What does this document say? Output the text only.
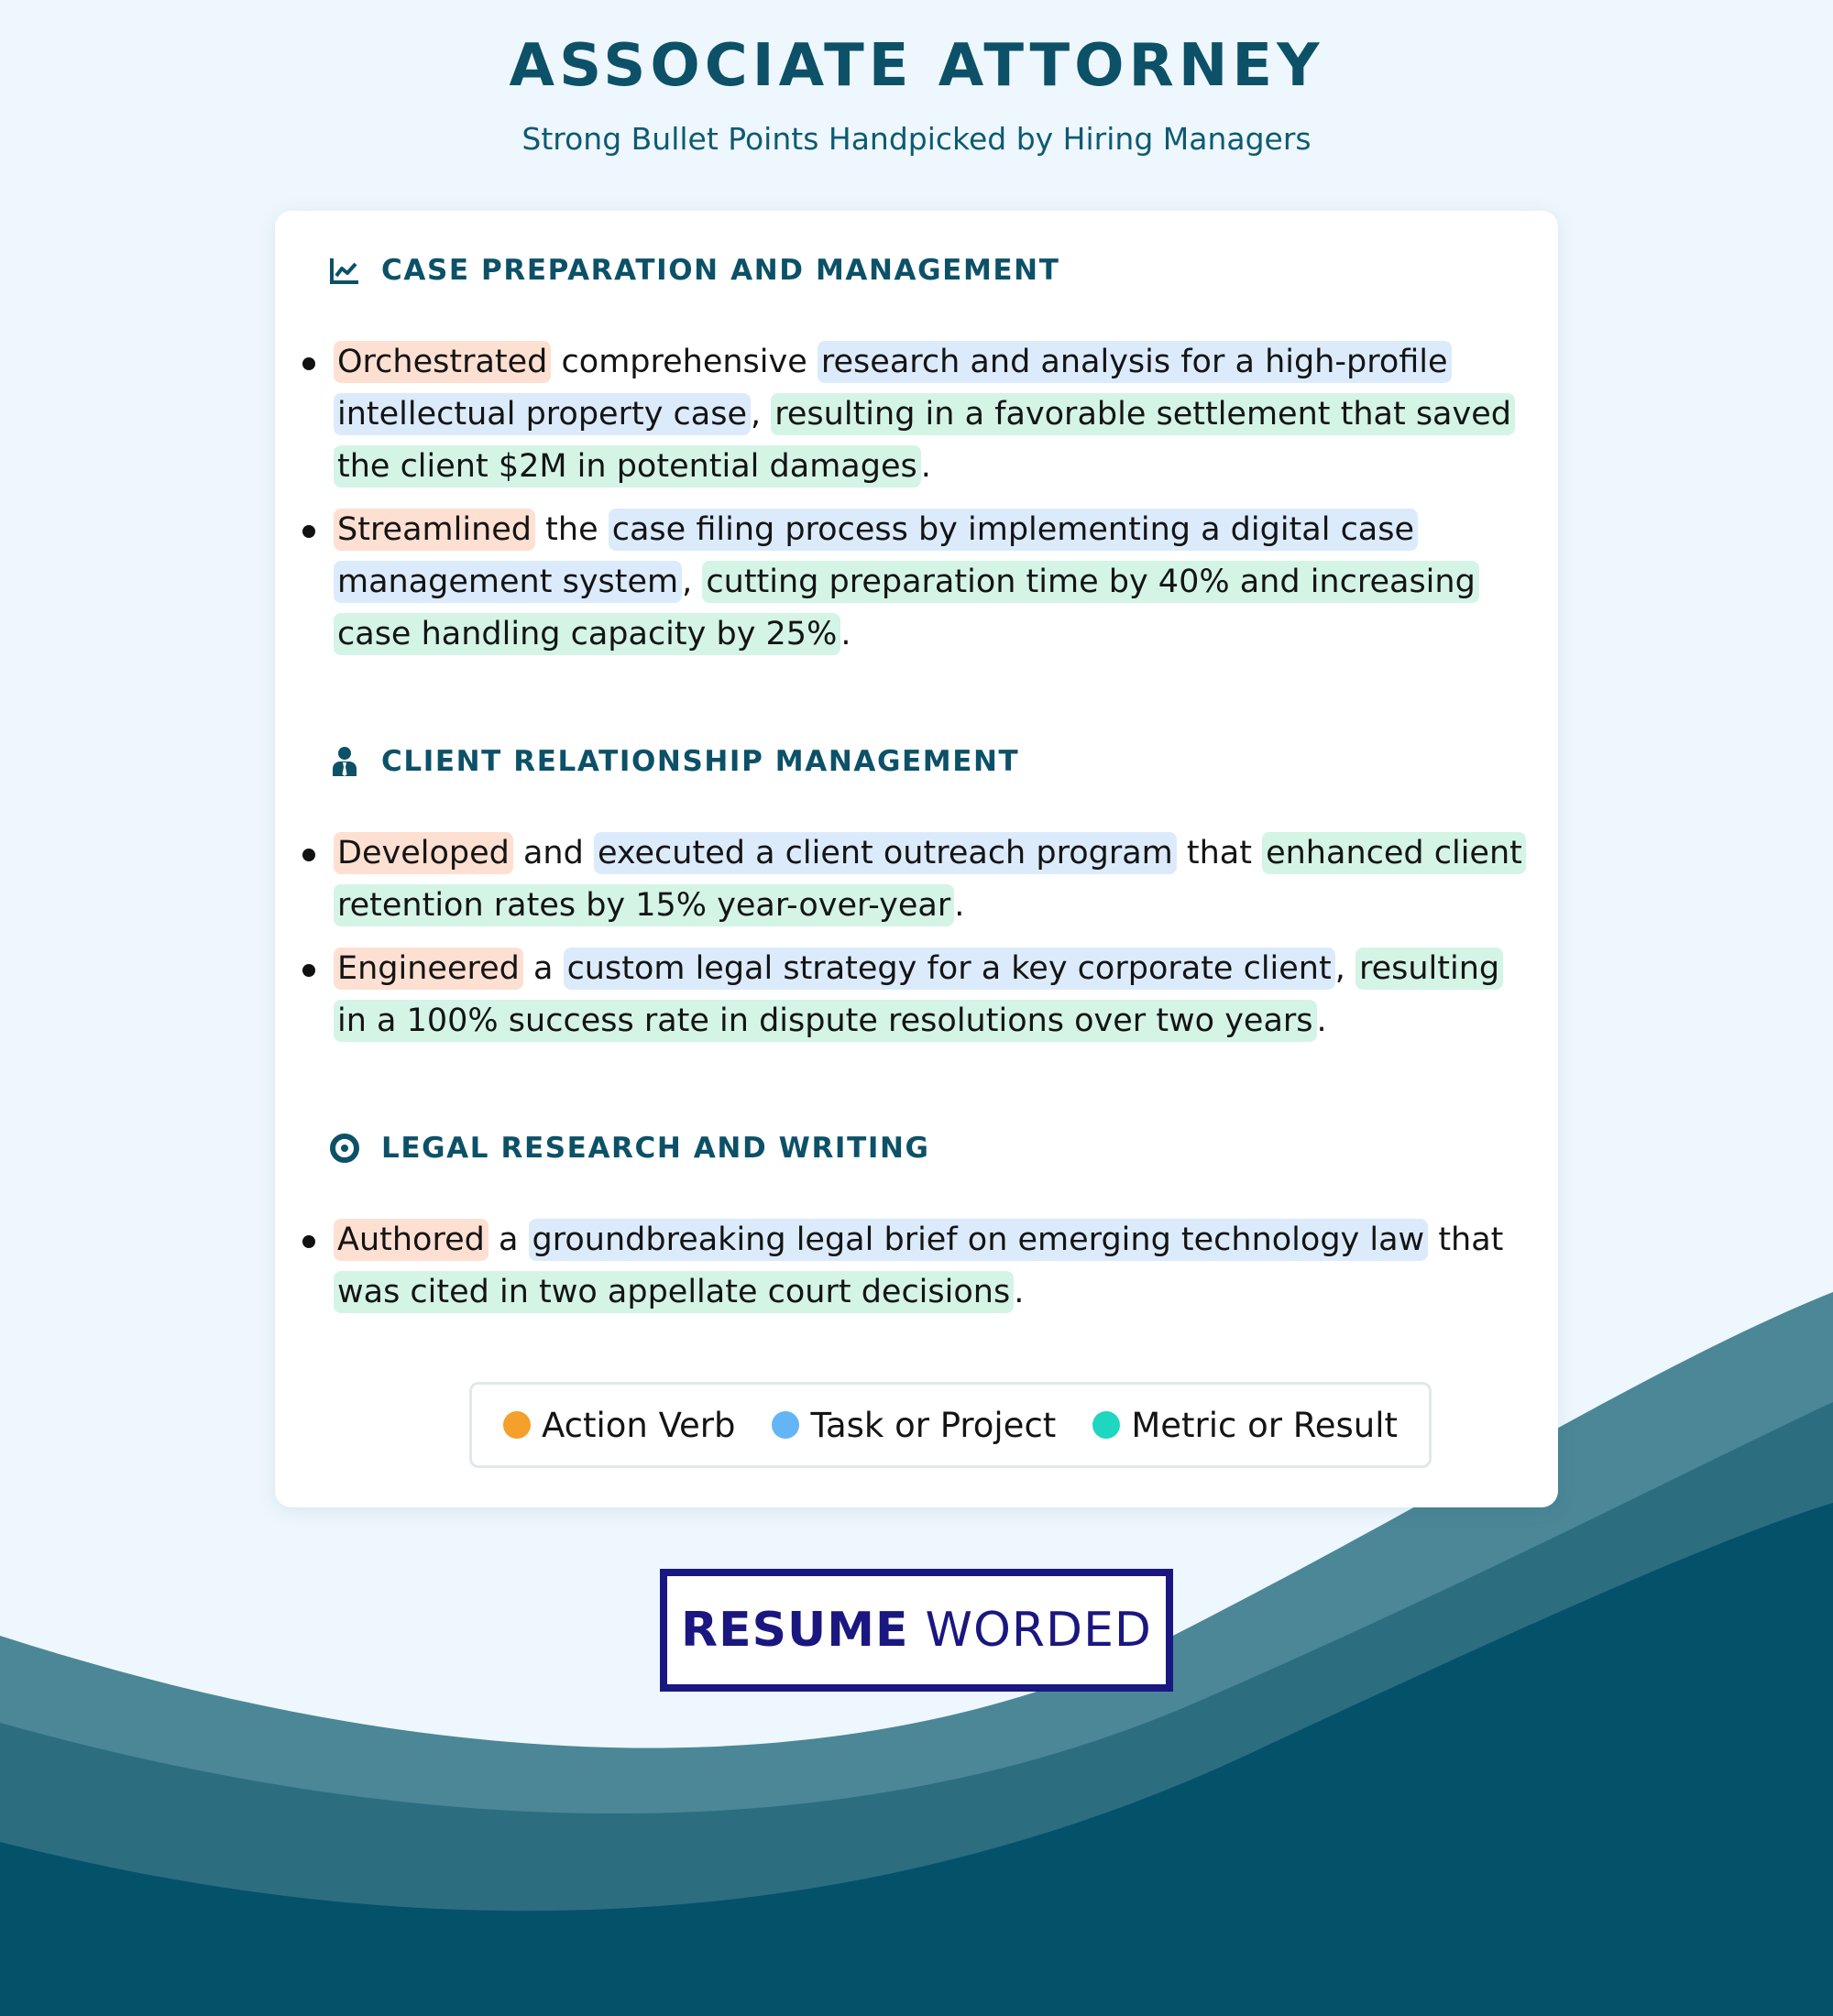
ASSOCIATE ATTORNEY
Strong Bullet Points Handpicked by Hiring Managers
CASE PREPARATION AND MANAGEMENT
Orchestrated comprehensive research and analysis for a high-profile intellectual property case , resulting in a favorable settlement that saved the client $2M in potential damages .
Streamlined the case filing process by implementing a digital case management system , cutting preparation time by 40% and increasing case handling capacity by 25% .
CLIENT RELATIONSHIP MANAGEMENT
Developed and executed a client outreach program that enhanced client retention rates by 15% year-over-year .
Engineered a custom legal strategy for a key corporate client , resulting in a 100% success rate in dispute resolutions over two years .
LEGAL RESEARCH AND WRITING
Authored a groundbreaking legal brief on emerging technology law that was cited in two appellate court decisions .
Action Verb Task or Project Metric or Result
RESUME WORDED
